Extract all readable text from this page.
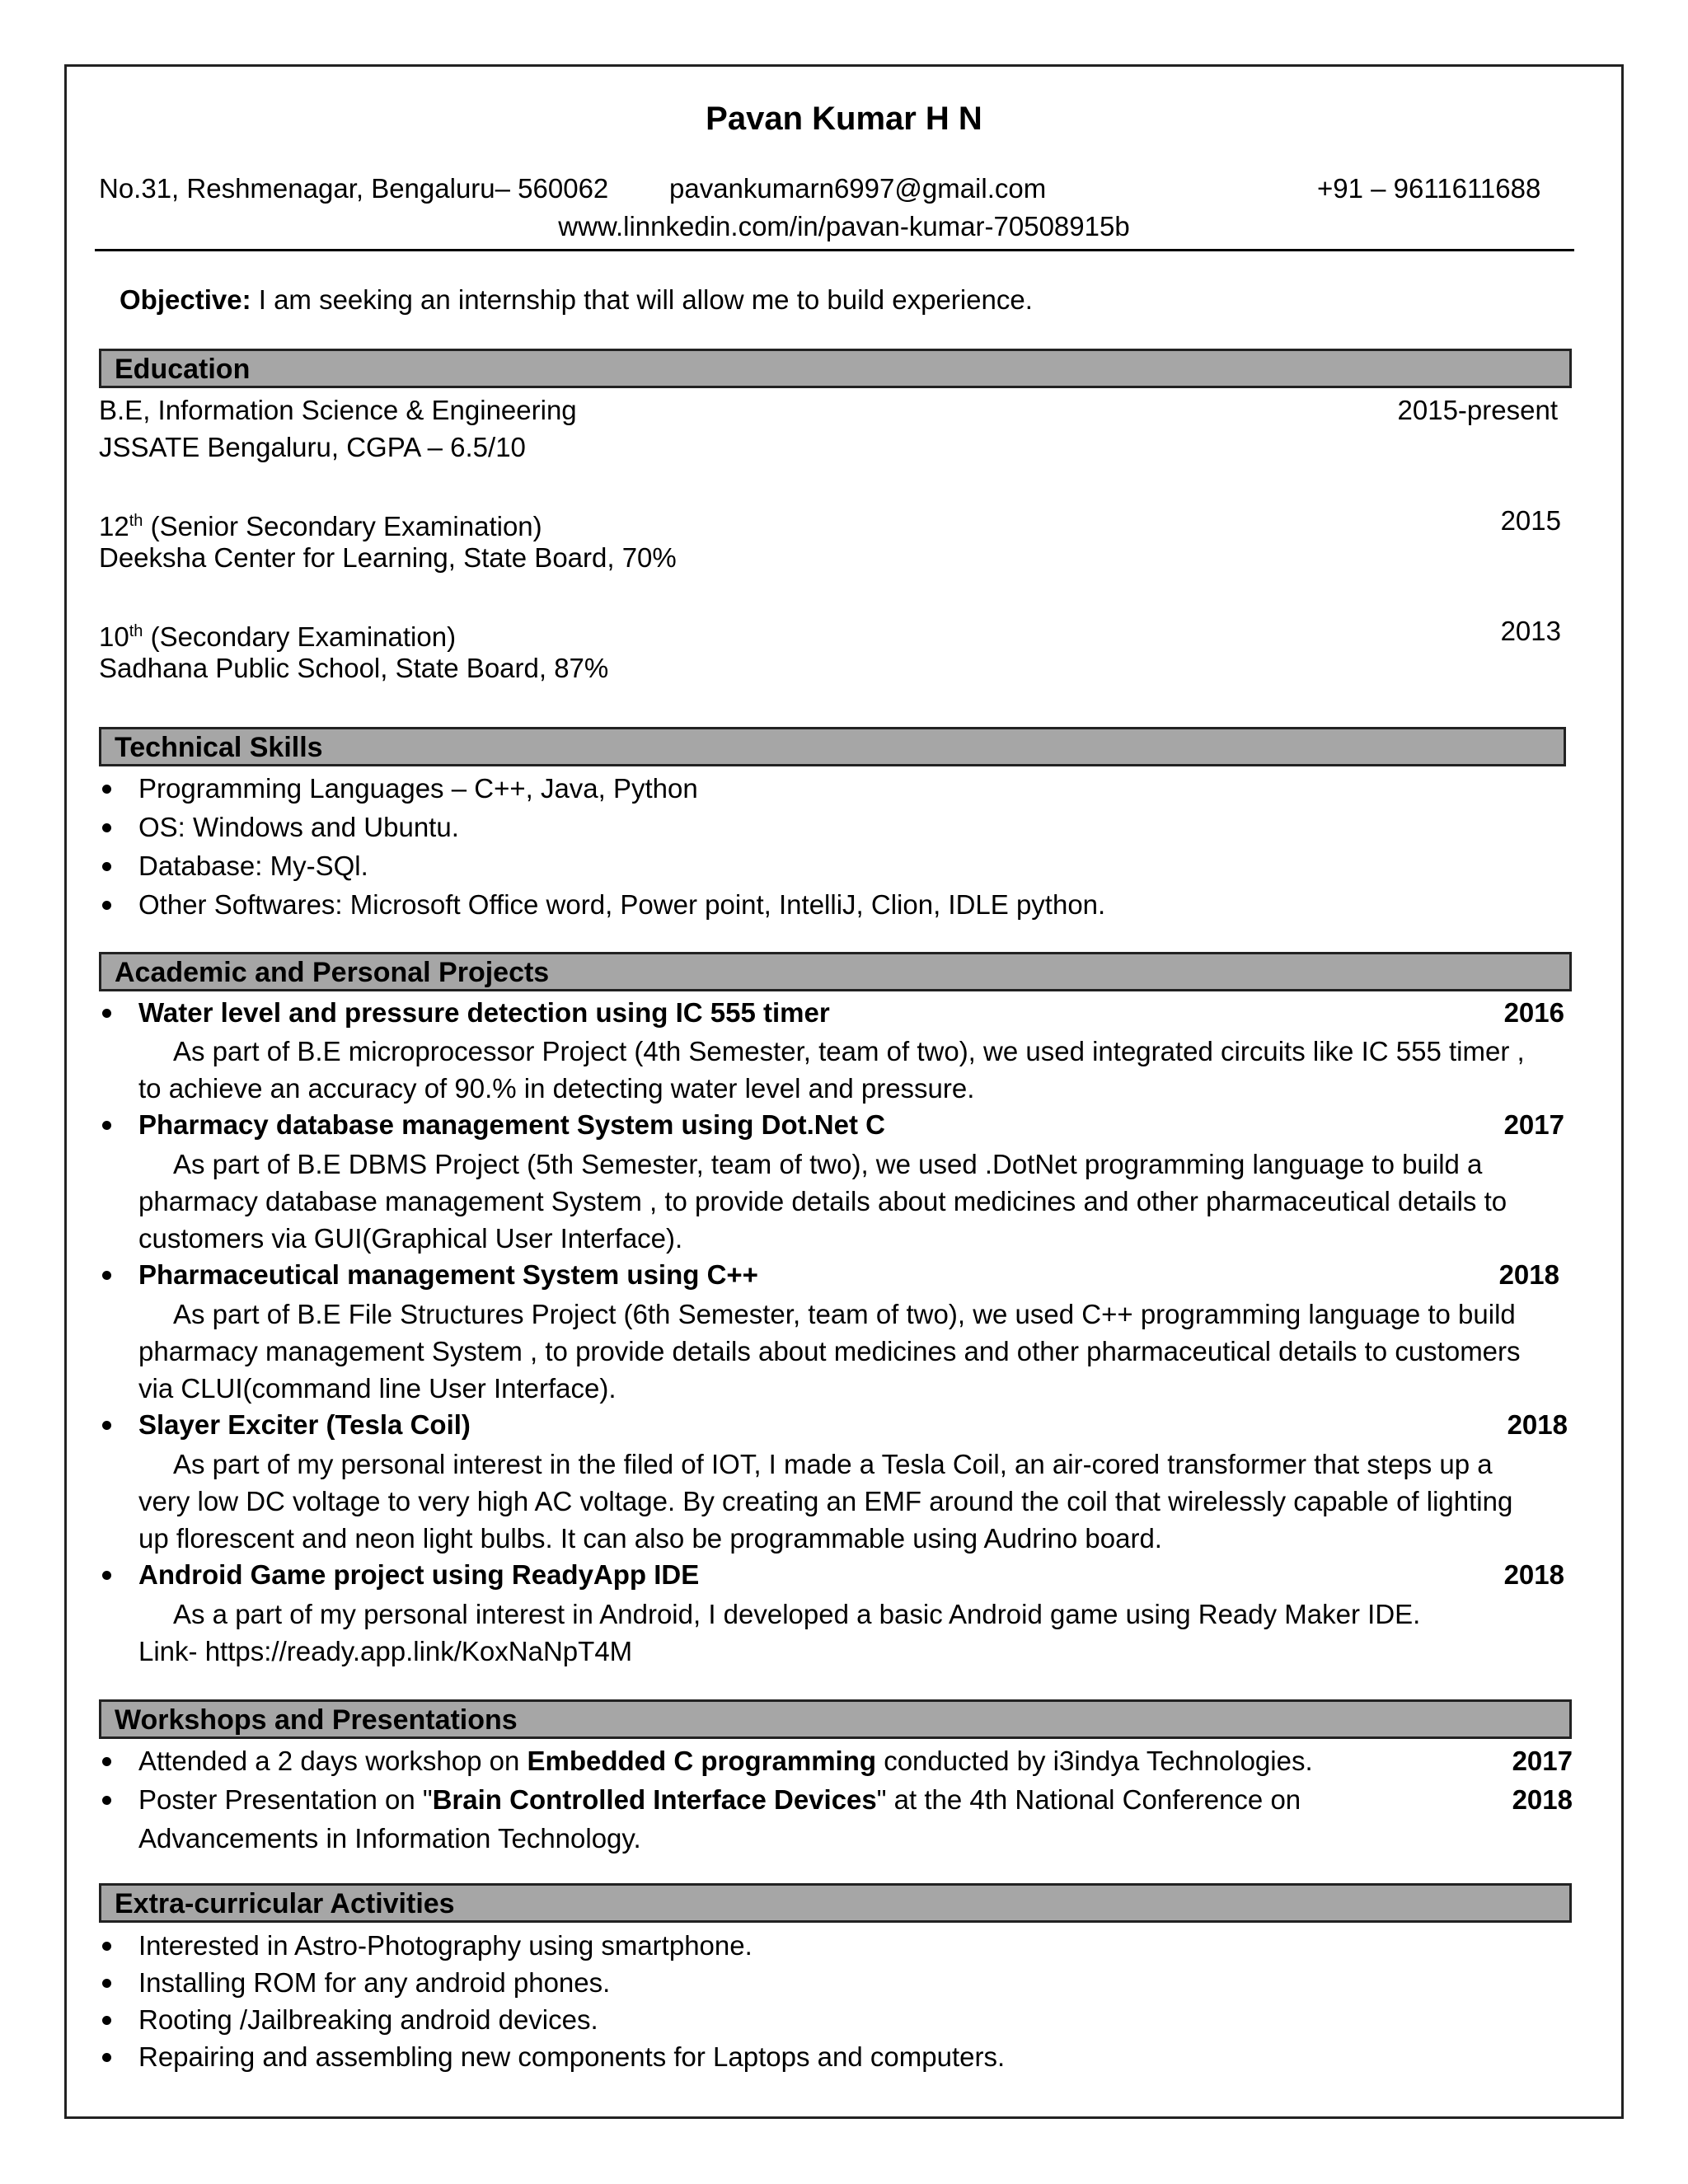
Pavan Kumar H N
No.31, Reshmenagar, Bengaluru– 560062 pavankumarn6997@gmail.com	+91 – 9611611688
www.linnkedin.com/in/pavan-kumar-70508915b
Objective: I am seeking an internship that will allow me to build experience.
Education
B.E, Information Science & Engineering	2015-present
JSSATE Bengaluru, CGPA – 6.5/10
12th (Senior Secondary Examination)	2015
Deeksha Center for Learning, State Board, 70%
10th (Secondary Examination)	2013
Sadhana Public School, State Board, 87%
Technical Skills
Programming Languages – C++, Java, Python
OS: Windows and Ubuntu.
Database: My-SQl.
Other Softwares: Microsoft Office word, Power point, IntelliJ, Clion, IDLE python.
Academic and Personal Projects
Water level and pressure detection using IC 555 timer	2016
As part of B.E microprocessor Project (4th Semester, team of two), we used integrated circuits like IC 555 timer ,
to achieve an accuracy of 90.% in detecting water level and pressure.
Pharmacy database management System using Dot.Net C	2017
As part of B.E DBMS Project (5th Semester, team of two), we used .DotNet programming language to build a
pharmacy database management System , to provide details about medicines and other pharmaceutical details to
customers via GUI(Graphical User Interface).
Pharmaceutical management System using C++	2018
As part of B.E File Structures Project (6th Semester, team of two), we used C++ programming language to build
pharmacy management System , to provide details about medicines and other pharmaceutical details to customers
via CLUI(command line User Interface).
Slayer Exciter (Tesla Coil)	2018
As part of my personal interest in the filed of IOT, I made a Tesla Coil, an air-cored transformer that steps up a
very low DC voltage to very high AC voltage. By creating an EMF around the coil that wirelessly capable of lighting
up florescent and neon light bulbs. It can also be programmable using Audrino board.
Android Game project using ReadyApp IDE	2018
As a part of my personal interest in Android, I developed a basic Android game using Ready Maker IDE.
Link- https://ready.app.link/KoxNaNpT4M
Workshops and Presentations
Attended a 2 days workshop on Embedded C programming conducted by i3indya Technologies.	2017
Poster Presentation on "Brain Controlled Interface Devices" at the 4th National Conference on	2018
Advancements in Information Technology.
Extra-curricular Activities
Interested in Astro-Photography using smartphone.
Installing ROM for any android phones.
Rooting /Jailbreaking android devices.
Repairing and assembling new components for Laptops and computers.
